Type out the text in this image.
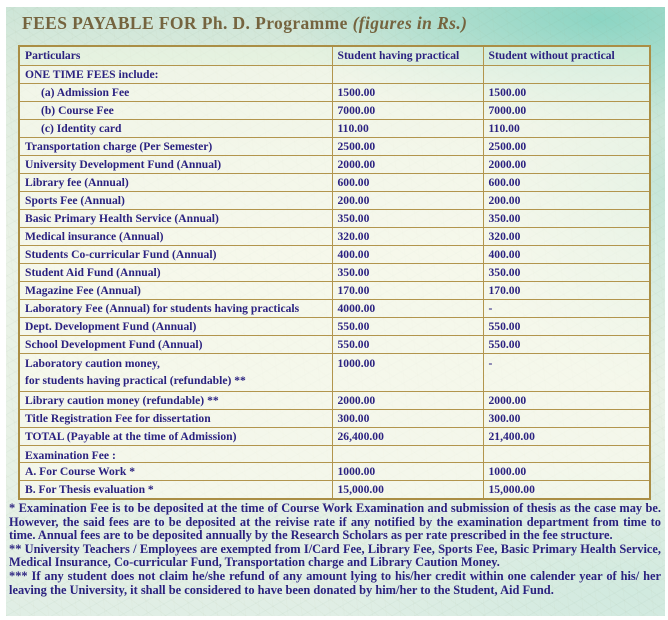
FEES PAYABLE FOR Ph. D. Programme (figures in Rs.)
Particulars	Student having practical	Student without practical

ONE TIME FEES include:		

(a) Admission Fee	1500.00	1500.00

(b) Course Fee	7000.00	7000.00

(c) Identity card	110.00	110.00

Transportation charge (Per Semester)	2500.00	2500.00

University Development Fund (Annual)	2000.00	2000.00

Library fee (Annual)	600.00	600.00

Sports Fee (Annual)	200.00	200.00

Basic Primary Health Service (Annual)	350.00	350.00

Medical insurance (Annual)	320.00	320.00

Students Co-curricular Fund (Annual)	400.00	400.00

Student Aid Fund (Annual)	350.00	350.00

Magazine Fee (Annual)	170.00	170.00

Laboratory Fee (Annual) for students having practicals	4000.00	-

Dept. Development Fund (Annual)	550.00	550.00

School Development Fund (Annual)	550.00	550.00

Laboratory caution money,
for students having practical (refundable) **	1000.00	-

Library caution money (refundable) **	2000.00	2000.00

Title Registration Fee for dissertation	300.00	300.00

TOTAL (Payable at the time of Admission)	26,400.00	21,400.00

Examination Fee :		

A. For Course Work *	1000.00	1000.00

B. For Thesis evaluation *	15,000.00	15,000.00

* Examination Fee is to be deposited at the time of Course Work Examination and submission of thesis as the case may be. However, the said fees are to be deposited at the reivise rate if any notified by the examination department from time to time. Annual fees are to be deposited annually by the Research Scholars as per rate prescribed in the fee structure.

** University Teachers / Employees are exempted from I/Card Fee, Library Fee, Sports Fee, Basic Primary Health Service, Medical Insurance, Co-curricular Fund, Transportation charge and Library Caution Money.

*** If any student does not claim he/she refund of any amount lying to his/her credit within one calender year of his/ her leaving the University, it shall be considered to have been donated by him/her to the Student, Aid Fund.
